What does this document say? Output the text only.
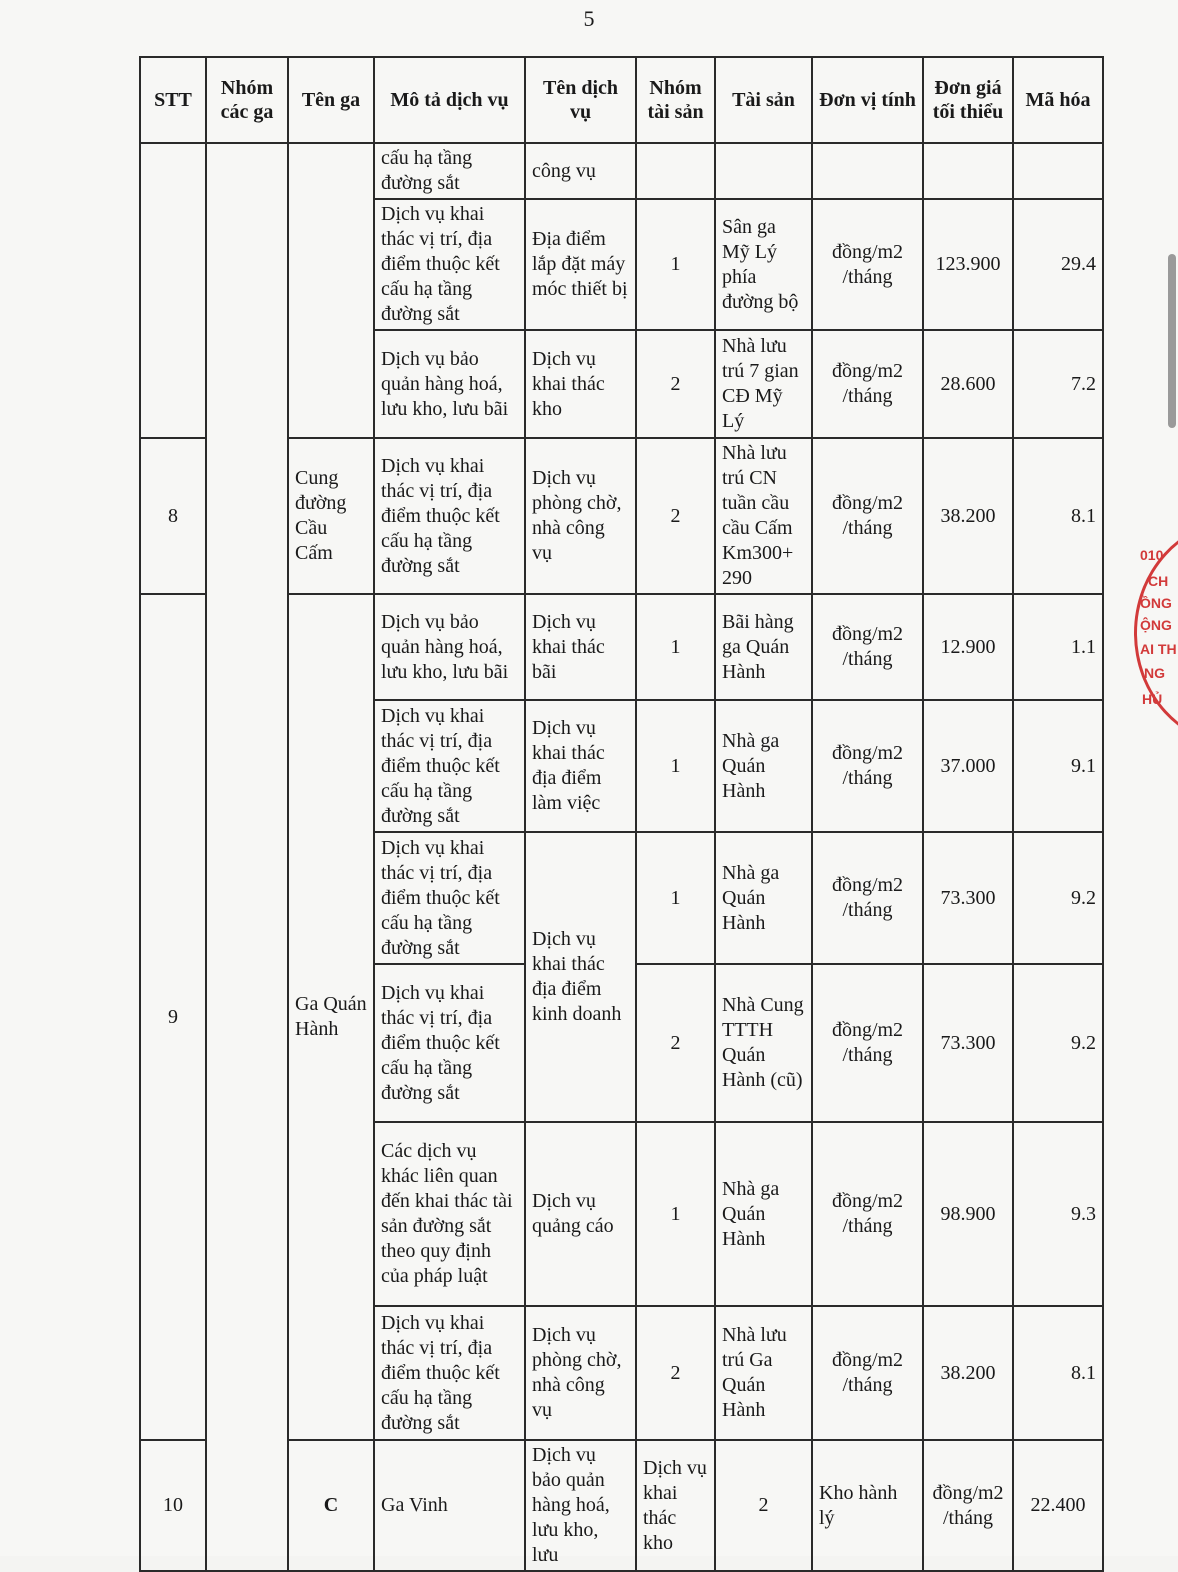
5
STT	Nhóm các ga	Tên ga	Mô tả dịch vụ	Tên dịch vụ	Nhóm tài sản	Tài sản	Đơn vị tính	Đơn giá tối thiểu	Mã hóa	
			cấu hạ tầng đường sắt	công vụ						
			Dịch vụ khai thác vị trí, địa điểm thuộc kết cấu hạ tầng đường sắt	Địa điểm lắp đặt máy móc thiết bị	1	Sân ga Mỹ Lý phía đường bộ	đồng/m2 /tháng	123.900	29.4	
			Dịch vụ bảo quản hàng hoá, lưu kho, lưu bãi	Dịch vụ khai thác kho	2	Nhà lưu trú 7 gian CĐ Mỹ Lý	đồng/m2 /tháng	28.600	7.2	
8		Cung đường Cầu Cấm	Dịch vụ khai thác vị trí, địa điểm thuộc kết cấu hạ tầng đường sắt	Dịch vụ phòng chờ, nhà công vụ	2	Nhà lưu trú CN tuần cầu cầu Cấm Km300+ 290	đồng/m2 /tháng	38.200	8.1	
9		Ga Quán Hành	Dịch vụ bảo quản hàng hoá, lưu kho, lưu bãi	Dịch vụ khai thác bãi	1	Bãi hàng ga Quán Hành	đồng/m2 /tháng	12.900	1.1	
			Dịch vụ khai thác vị trí, địa điểm thuộc kết cấu hạ tầng đường sắt	Dịch vụ khai thác địa điểm làm việc	1	Nhà ga Quán Hành	đồng/m2 /tháng	37.000	9.1	
			Dịch vụ khai thác vị trí, địa điểm thuộc kết cấu hạ tầng đường sắt	Dịch vụ khai thác địa điểm kinh doanh	1	Nhà ga Quán Hành	đồng/m2 /tháng	73.300	9.2	
			Dịch vụ khai thác vị trí, địa điểm thuộc kết cấu hạ tầng đường sắt		2	Nhà Cung TTTH Quán Hành (cũ)	đồng/m2 /tháng	73.300	9.2	
			Các dịch vụ khác liên quan đến khai thác tài sản đường sắt theo quy định của pháp luật	Dịch vụ quảng cáo	1	Nhà ga Quán Hành	đồng/m2 /tháng	98.900	9.3	
			Dịch vụ khai thác vị trí, địa điểm thuộc kết cấu hạ tầng đường sắt	Dịch vụ phòng chờ, nhà công vụ	2	Nhà lưu trú Ga Quán Hành	đồng/m2 /tháng	38.200	8.1	
10		C	Ga Vinh	Dịch vụ bảo quản hàng hoá, lưu kho, lưu	Dịch vụ khai thác kho	2	Kho hành lý	đồng/m2 /tháng	22.400	
010
CH
ỒNG
ỘNG
AI TH
NG
HỦ
